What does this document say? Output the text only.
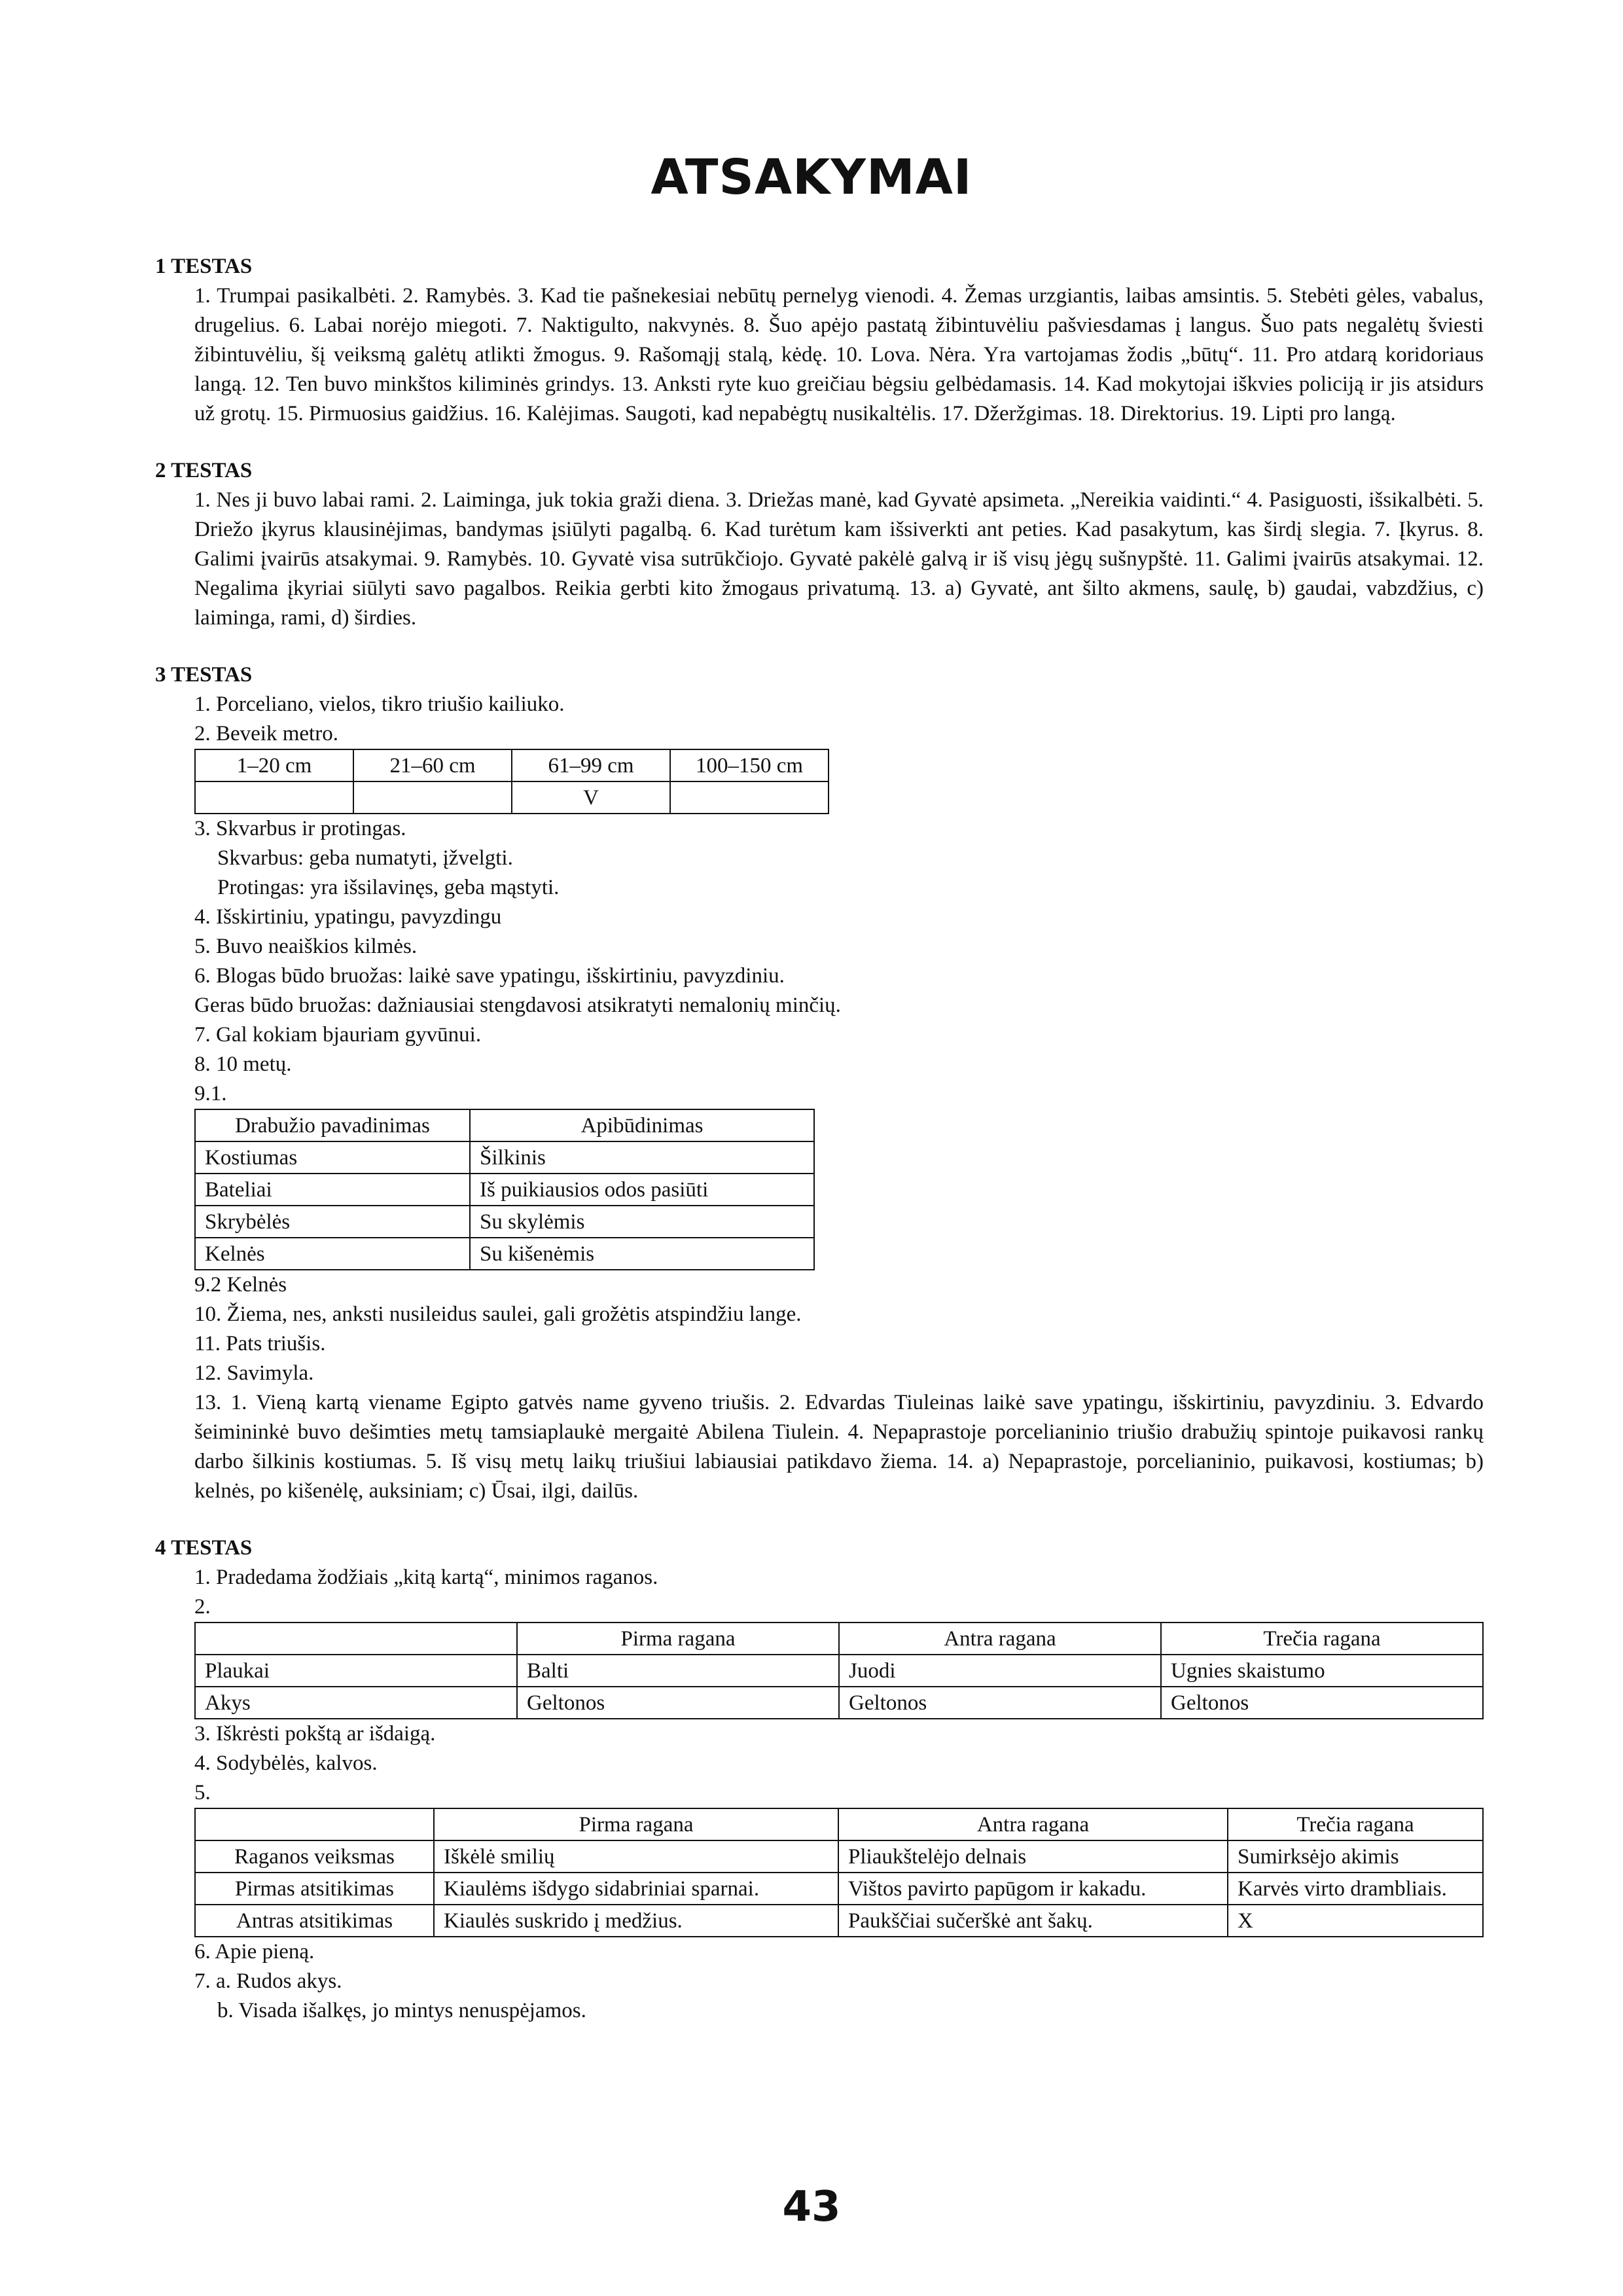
ATSAKYMAI

1 TESTAS

1. Trumpai pasikalbėti. 2. Ramybės. 3. Kad tie pašnekesiai nebūtų pernelyg vienodi. 4. Žemas urzgiantis, laibas amsintis. 5. Stebėti gėles, vabalus, drugelius. 6. Labai norėjo miegoti. 7. Naktigulto, nakvynės. 8. Šuo apėjo pastatą žibintuvėliu pašviesdamas į langus. Šuo pats negalėtų šviesti žibintuvėliu, šį veiksmą galėtų atlikti žmogus. 9. Rašomąjį stalą, kėdę. 10. Lova. Nėra. Yra vartojamas žodis „būtų“. 11. Pro atdarą koridoriaus langą. 12. Ten buvo minkštos kiliminės grindys. 13. Anksti ryte kuo greičiau bėgsiu gelbėdamasis. 14. Kad mokytojai iškvies policiją ir jis atsidurs už grotų. 15. Pirmuosius gaidžius. 16. Kalėjimas. Saugoti, kad nepabėgtų nusikaltėlis. 17. Džeržgimas. 18. Direktorius. 19. Lipti pro langą.

2 TESTAS

1. Nes ji buvo labai rami. 2. Laiminga, juk tokia graži diena. 3. Driežas manė, kad Gyvatė apsimeta. „Nereikia vaidinti.“ 4. Pasiguosti, išsikalbėti. 5. Driežo įkyrus klausinėjimas, bandymas įsiūlyti pagalbą. 6. Kad turėtum kam išsiverkti ant peties. Kad pasakytum, kas širdį slegia. 7. Įkyrus. 8. Galimi įvairūs atsakymai. 9. Ramybės. 10. Gyvatė visa sutrūkčiojo. Gyvatė pakėlė galvą ir iš visų jėgų sušnypštė. 11. Galimi įvairūs atsakymai. 12. Negalima įkyriai siūlyti savo pagalbos. Reikia gerbti kito žmogaus privatumą. 13. a) Gyvatė, ant šilto akmens, saulę, b) gaudai, vabzdžius, c) laiminga, rami, d) širdies.

3 TESTAS

1. Porceliano, vielos, tikro triušio kailiuko.

2. Beveik metro.

1–20 cm	21–60 cm	61–99 cm	100–150 cm
		V	

3. Skvarbus ir protingas.

Skvarbus: geba numatyti, įžvelgti.

Protingas: yra išsilavinęs, geba mąstyti.

4. Išskirtiniu, ypatingu, pavyzdingu

5. Buvo neaiškios kilmės.

6. Blogas būdo bruožas: laikė save ypatingu, išskirtiniu, pavyzdiniu.

Geras būdo bruožas: dažniausiai stengdavosi atsikratyti nemalonių minčių.

7. Gal kokiam bjauriam gyvūnui.

8. 10 metų.

9.1.

Drabužio pavadinimas	Apibūdinimas
Kostiumas	Šilkinis
Bateliai	Iš puikiausios odos pasiūti
Skrybėlės	Su skylėmis
Kelnės	Su kišenėmis

9.2 Kelnės

10. Žiema, nes, anksti nusileidus saulei, gali grožėtis atspindžiu lange.

11. Pats triušis.

12. Savimyla.

13. 1. Vieną kartą viename Egipto gatvės name gyveno triušis. 2. Edvardas Tiuleinas laikė save ypatingu, išskirtiniu, pavyzdiniu. 3. Edvardo šeimininkė buvo dešimties metų tamsiaplaukė mergaitė Abilena Tiulein. 4. Nepaprastoje porcelianinio triušio drabužių spintoje puikavosi rankų darbo šilkinis kostiumas. 5. Iš visų metų laikų triušiui labiausiai patikdavo žiema. 14. a) Nepaprastoje, porcelianinio, puikavosi, kostiumas; b) kelnės, po kišenėlę, auksiniam; c) Ūsai, ilgi, dailūs.

4 TESTAS

1. Pradedama žodžiais „kitą kartą“, minimos raganos.

2.

	Pirma ragana	Antra ragana	Trečia ragana
Plaukai	Balti	Juodi	Ugnies skaistumo
Akys	Geltonos	Geltonos	Geltonos

3. Iškrėsti pokštą ar išdaigą.

4. Sodybėlės, kalvos.

5.

	Pirma ragana	Antra ragana	Trečia ragana
Raganos veiksmas	Iškėlė smilių	Pliaukštelėjo delnais	Sumirksėjo akimis
Pirmas atsitikimas	Kiaulėms išdygo sidabriniai sparnai.	Vištos pavirto papūgom ir kakadu.	Karvės virto drambliais.
Antras atsitikimas	Kiaulės suskrido į medžius.	Paukščiai sučerškė ant šakų.	X

6. Apie pieną.

7. a. Rudos akys.

b. Visada išalkęs, jo mintys nenuspėjamos.

43
